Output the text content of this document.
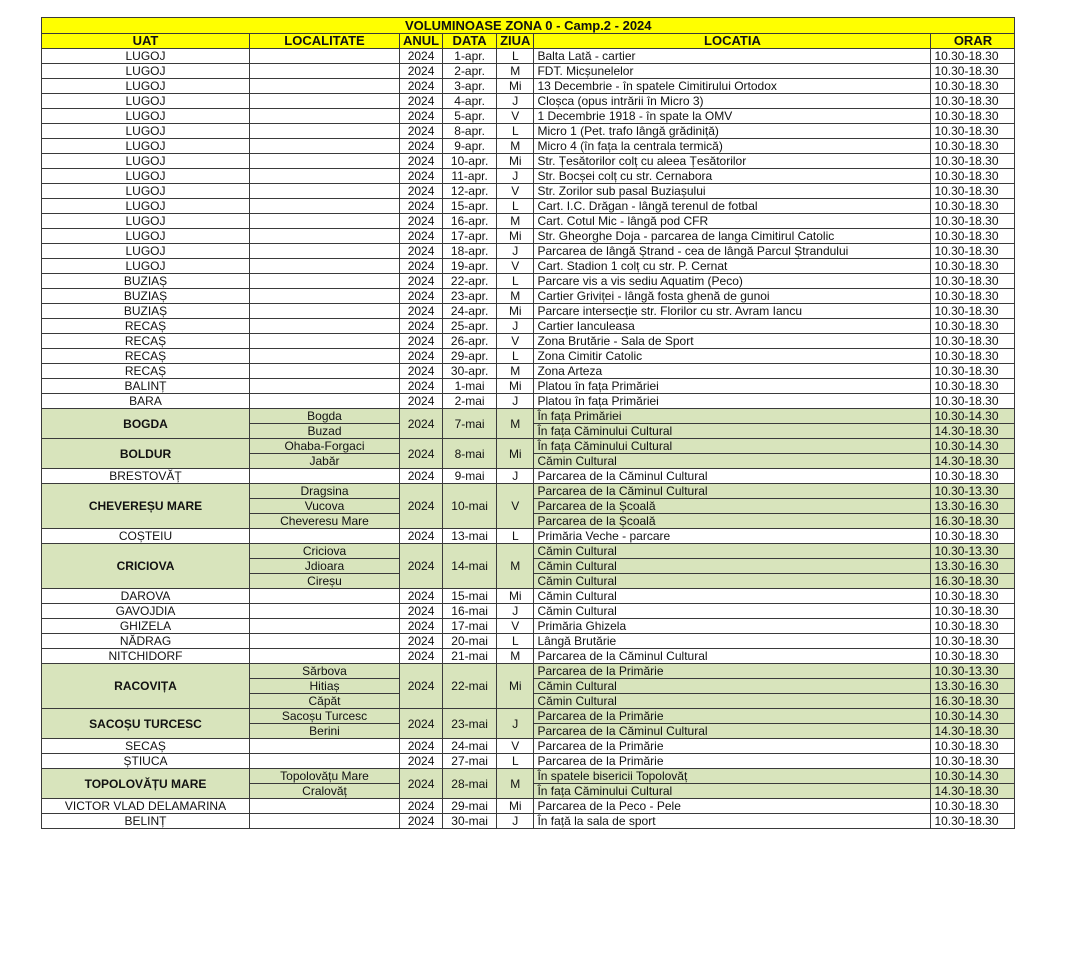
VOLUMINOASE ZONA 0 - Camp.2 - 2024						
UAT	LOCALITATE	ANUL	DATA	ZIUA	LOCATIA	ORAR
LUGOJ		2024	1-apr.	L	Balta Lată - cartier	10.30-18.30
LUGOJ		2024	2-apr.	M	FDT. Micșunelelor	10.30-18.30
LUGOJ		2024	3-apr.	Mi	13 Decembrie - în spatele Cimitirului Ortodox	10.30-18.30
LUGOJ		2024	4-apr.	J	Cloșca (opus intrării în Micro 3)	10.30-18.30
LUGOJ		2024	5-apr.	V	1 Decembrie 1918 - în spate la OMV	10.30-18.30
LUGOJ		2024	8-apr.	L	Micro 1 (Pet. trafo lângă grădiniță)	10.30-18.30
LUGOJ		2024	9-apr.	M	Micro 4 (în fața la centrala termică)	10.30-18.30
LUGOJ		2024	10-apr.	Mi	Str. Țesătorilor colț cu aleea Țesătorilor	10.30-18.30
LUGOJ		2024	11-apr.	J	Str. Bocșei colț cu str. Cernabora	10.30-18.30
LUGOJ		2024	12-apr.	V	Str. Zorilor sub pasal Buziașului	10.30-18.30
LUGOJ		2024	15-apr.	L	Cart. I.C. Drăgan - lângă terenul de fotbal	10.30-18.30
LUGOJ		2024	16-apr.	M	Cart. Cotul Mic - lângă pod CFR	10.30-18.30
LUGOJ		2024	17-apr.	Mi	Str. Gheorghe Doja - parcarea de langa Cimitirul Catolic	10.30-18.30
LUGOJ		2024	18-apr.	J	Parcarea de lângă Ștrand - cea de lângă Parcul Ștrandului	10.30-18.30
LUGOJ		2024	19-apr.	V	Cart. Stadion 1 colț cu str. P. Cernat	10.30-18.30
BUZIAȘ		2024	22-apr.	L	Parcare vis a vis sediu Aquatim (Peco)	10.30-18.30
BUZIAȘ		2024	23-apr.	M	Cartier Griviței - lângă fosta ghenă de gunoi	10.30-18.30
BUZIAȘ		2024	24-apr.	Mi	Parcare intersecție str. Florilor cu str. Avram Iancu	10.30-18.30
RECAȘ		2024	25-apr.	J	Cartier Ianculeasa	10.30-18.30
RECAȘ		2024	26-apr.	V	Zona Brutărie - Sala de Sport	10.30-18.30
RECAȘ		2024	29-apr.	L	Zona Cimitir Catolic	10.30-18.30
RECAȘ		2024	30-apr.	M	Zona Arteza	10.30-18.30
BALINȚ		2024	1-mai	Mi	Platou în fața Primăriei	10.30-18.30
BARA		2024	2-mai	J	Platou în fața Primăriei	10.30-18.30
BOGDA	Bogda	2024	7-mai	M	În fața Primăriei	10.30-14.30
	Buzad				În fața Căminului Cultural	14.30-18.30
BOLDUR	Ohaba-Forgaci	2024	8-mai	Mi	În fața Căminului Cultural	10.30-14.30
	Jabăr				Cămin Cultural	14.30-18.30
BRESTOVĂȚ		2024	9-mai	J	Parcarea de la Căminul Cultural	10.30-18.30
CHEVEREȘU MARE	Dragsina	2024	10-mai	V	Parcarea de la Căminul Cultural	10.30-13.30
	Vucova				Parcarea de la Școală	13.30-16.30
	Cheveresu Mare				Parcarea de la Școală	16.30-18.30
COȘTEIU		2024	13-mai	L	Primăria Veche - parcare	10.30-18.30
CRICIOVA	Criciova	2024	14-mai	M	Cămin Cultural	10.30-13.30
	Jdioara				Cămin Cultural	13.30-16.30
	Cireșu				Cămin Cultural	16.30-18.30
DAROVA		2024	15-mai	Mi	Cămin Cultural	10.30-18.30
GAVOJDIA		2024	16-mai	J	Cămin Cultural	10.30-18.30
GHIZELA		2024	17-mai	V	Primăria Ghizela	10.30-18.30
NĂDRAG		2024	20-mai	L	Lângă Brutărie	10.30-18.30
NITCHIDORF		2024	21-mai	M	Parcarea de la Căminul Cultural	10.30-18.30
RACOVIȚA	Sărbova	2024	22-mai	Mi	Parcarea de la Primărie	10.30-13.30
	Hitiaș				Cămin Cultural	13.30-16.30
	Căpăt				Cămin Cultural	16.30-18.30
SACOȘU TURCESC	Sacoșu Turcesc	2024	23-mai	J	Parcarea de la Primărie	10.30-14.30
	Berini				Parcarea de la Căminul Cultural	14.30-18.30
SECAȘ		2024	24-mai	V	Parcarea de la Primărie	10.30-18.30
ȘTIUCA		2024	27-mai	L	Parcarea de la Primărie	10.30-18.30
TOPOLOVĂȚU MARE	Topolovățu Mare	2024	28-mai	M	În spatele bisericii Topolovăț	10.30-14.30
	Cralovăț				În fața Căminului Cultural	14.30-18.30
VICTOR VLAD DELAMARINA		2024	29-mai	Mi	Parcarea de la Peco - Pele	10.30-18.30
BELINȚ		2024	30-mai	J	În față la sala de sport	10.30-18.30
